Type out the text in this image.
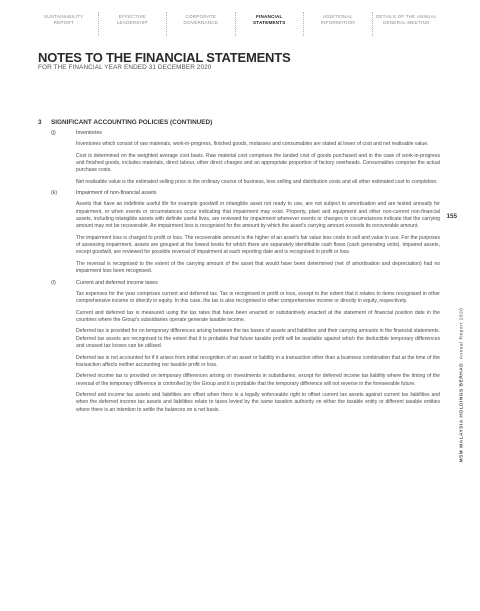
SUSTAINABILITY
REPORT
EFFECTIVE
LEADERSHIP
CORPORATE
GOVERNANCE
FINANCIAL
STATEMENTS
ADDITIONAL
INFORMATION
DETAILS OF THE ANNUAL
GENERAL MEETING
NOTES TO THE FINANCIAL STATEMENTS
FOR THE FINANCIAL YEAR ENDED 31 DECEMBER 2020
3	SIGNIFICANT ACCOUNTING POLICIES (CONTINUED)
(j)	Inventories

Inventories which consist of raw materials, work-in-progress, finished goods, molasses and consumables are stated at lower of cost and net realisable value.

Cost is determined on the weighted average cost basis. Raw material cost comprises the landed cost of goods purchased and in the case of work-in-progress and finished goods, includes materials, direct labour, other direct charges and an appropriate proportion of factory overheads. Consumables comprise the actual purchase costs.

Net realisable value is the estimated selling price in the ordinary course of business, less selling and distribution costs and all other estimated cost to completion.

(k)	Impairment of non-financial assets

Assets that have an indefinite useful life for example goodwill or intangible asset not ready to use, are not subject to amortisation and are tested annually for impairment, or when events or circumstances occur indicating that impairment may exist. Property, plant and equipment and other non-current non-financial assets, including intangible assets with definite useful lives, are reviewed for impairment whenever events or changes in circumstances indicate that the carrying amount may not be recoverable. An impairment loss is recognised for the amount by which the asset's carrying amount exceeds its recoverable amount.

The impairment loss is charged to profit or loss. The recoverable amount is the higher of an asset's fair value less costs to sell and value in use. For the purposes of assessing impairment, assets are grouped at the lowest levels for which there are separately identifiable cash flows (cash generating units). Impaired assets, except goodwill, are reviewed for possible reversal of impairment at each reporting date and is recognised in profit or loss.

The reversal is recognised to the extent of the carrying amount of the asset that would have been determined (net of amortisation and depreciation) had no impairment loss been recognised.

(l)	Current and deferred income taxes

Tax expenses for the year comprises current and deferred tax. Tax is recognised in profit or loss, except to the extent that it relates to items recognised in other comprehensive income or directly in equity. In this case, the tax is also recognised in other comprehensive income or directly in equity, respectively.

Current and deferred tax is measured using the tax rates that have been enacted or substantively enacted at the statement of financial position date in the countries where the Group's subsidiaries operate generate taxable income.

Deferred tax is provided for on temporary differences arising between the tax bases of assets and liabilities and their carrying amounts in the financial statements. Deferred tax assets are recognised to the extent that it is probable that future taxable profit will be available against which the deductible temporary differences and unused tax losses can be utilised.

Deferred tax is not accounted for if it arises from initial recognition of an asset or liability in a transaction other than a business combination that at the time of the transaction affects neither accounting nor taxable profit or loss.

Deferred income tax is provided on temporary differences arising on investments in subsidiaries, except for deferred income tax liability where the timing of the reversal of the temporary difference is controlled by the Group and it is probable that the temporary difference will not reverse in the foreseeable future.

Deferred and income tax assets and liabilities are offset when there is a legally enforceable right to offset current tax assets against current tax liabilities and when the deferred income tax assets and liabilities relate to taxes levied by the same taxation authority on either the taxable entity or different taxable entities where there is an intention to settle the balances on a net basis.

155
MSM MALAYSIA HOLDINGS BERHAD  Annual Report 2020
